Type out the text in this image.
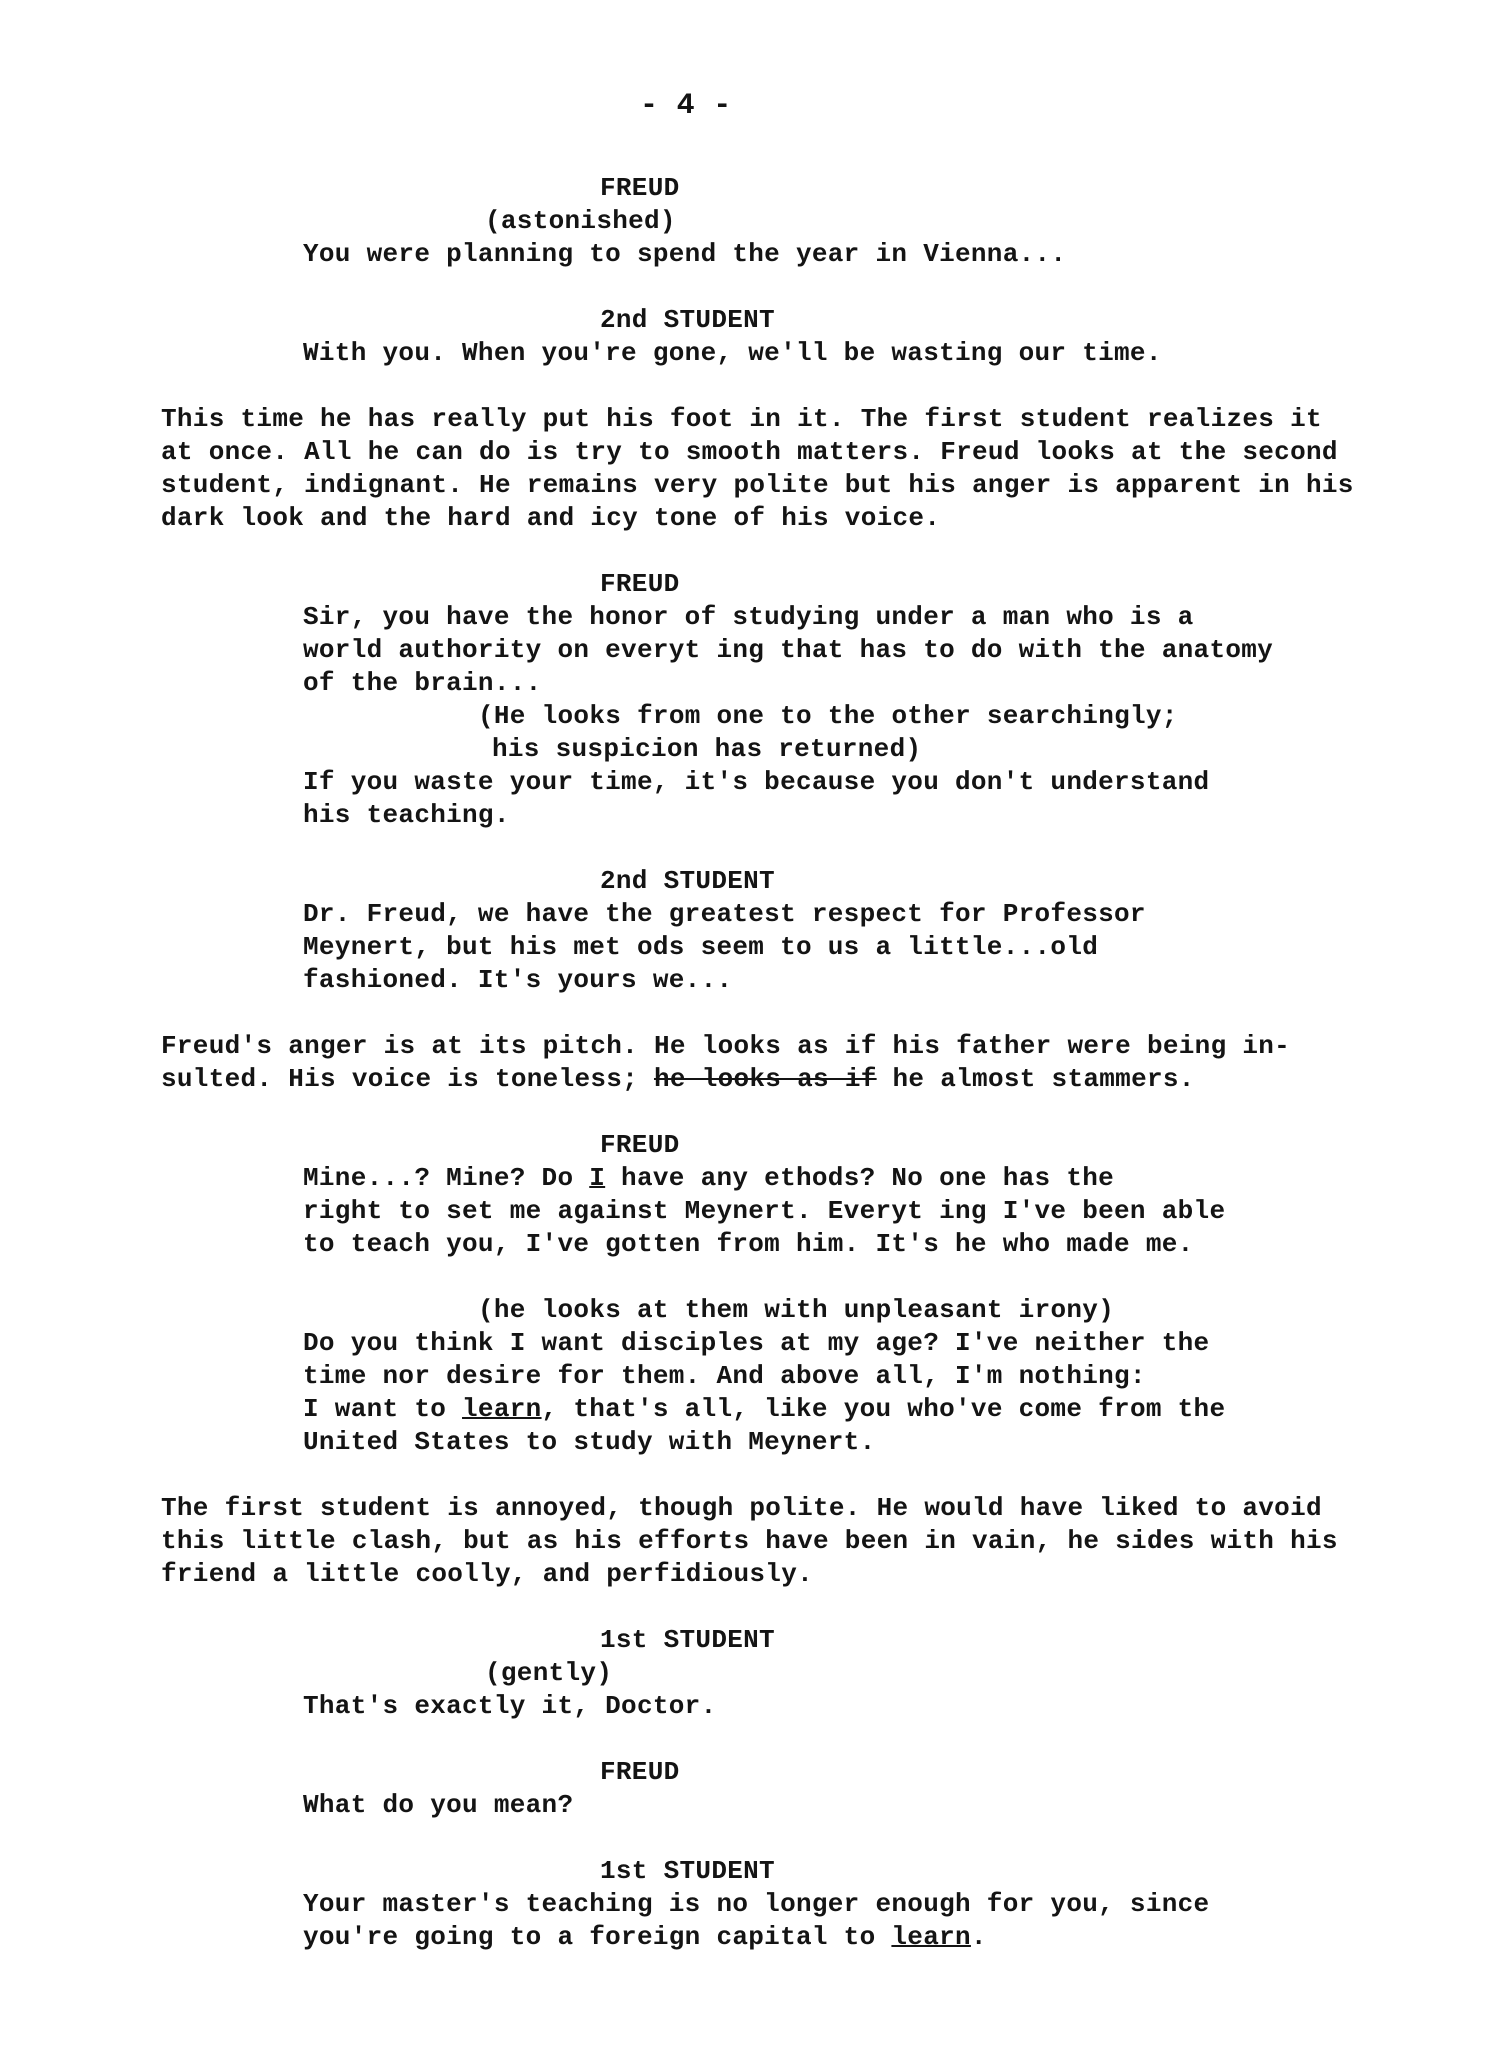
- 4 -
FREUD
(astonished)
You were planning to spend the year in Vienna...
2nd STUDENT
With you. When you're gone, we'll be wasting our time.
This time he has really put his foot in it. The first student realizes it
at once. All he can do is try to smooth matters. Freud looks at the second
student, indignant. He remains very polite but his anger is apparent in his
dark look and the hard and icy tone of his voice.
FREUD
Sir, you have the honor of studying under a man who is a
world authority on everyt ing that has to do with the anatomy
of the brain...
(He looks from one to the other searchingly;
his suspicion has returned)
If you waste your time, it's because you don't understand
his teaching.
2nd STUDENT
Dr. Freud, we have the greatest respect for Professor
Meynert, but his met ods seem to us a little...old
fashioned. It's yours we...
Freud's anger is at its pitch. He looks as if his father were being in-
sulted. His voice is toneless; he looks as if he almost stammers.
FREUD
Mine...? Mine? Do I have any ethods? No one has the
right to set me against Meynert. Everyt ing I've been able
to teach you, I've gotten from him. It's he who made me.
(he looks at them with unpleasant irony)
Do you think I want disciples at my age? I've neither the
time nor desire for them. And above all, I'm nothing:
I want to learn, that's all, like you who've come from the
United States to study with Meynert.
The first student is annoyed, though polite. He would have liked to avoid
this little clash, but as his efforts have been in vain, he sides with his
friend a little coolly, and perfidiously.
1st STUDENT
(gently)
That's exactly it, Doctor.
FREUD
What do you mean?
1st STUDENT
Your master's teaching is no longer enough for you, since
you're going to a foreign capital to learn.
